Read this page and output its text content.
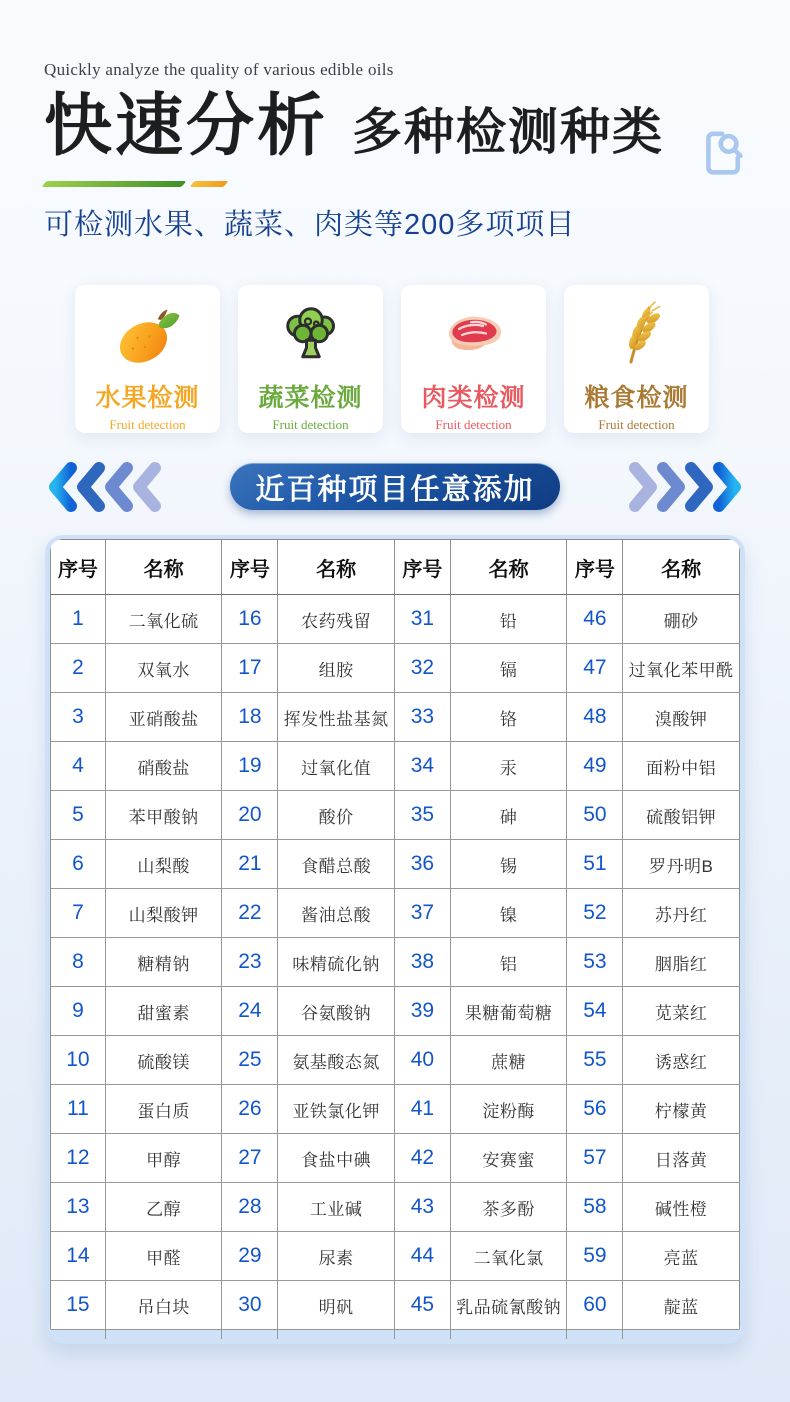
Quickly analyze the quality of various edible oils
快速分析 多种检测种类
可检测水果、蔬菜、肉类等200多项项目
水果检测
Fruit detection
蔬菜检测
Fruit detection
肉类检测
Fruit detection
粮食检测
Fruit detection
近百种项目任意添加
序号	名称	序号	名称	序号	名称	序号	名称
1	二氧化硫	16	农药残留	31	铅	46	硼砂
2	双氧水	17	组胺	32	镉	47	过氧化苯甲酰
3	亚硝酸盐	18	挥发性盐基氮	33	铬	48	溴酸钾
4	硝酸盐	19	过氧化值	34	汞	49	面粉中铝
5	苯甲酸钠	20	酸价	35	砷	50	硫酸铝钾
6	山梨酸	21	食醋总酸	36	锡	51	罗丹明B
7	山梨酸钾	22	酱油总酸	37	镍	52	苏丹红
8	糖精钠	23	味精硫化钠	38	铝	53	胭脂红
9	甜蜜素	24	谷氨酸钠	39	果糖葡萄糖	54	苋菜红
10	硫酸镁	25	氨基酸态氮	40	蔗糖	55	诱惑红
11	蛋白质	26	亚铁氯化钾	41	淀粉酶	56	柠檬黄
12	甲醇	27	食盐中碘	42	安赛蜜	57	日落黄
13	乙醇	28	工业碱	43	茶多酚	58	碱性橙
14	甲醛	29	尿素	44	二氧化氯	59	亮蓝
15	吊白块	30	明矾	45	乳品硫氰酸钠	60	靛蓝
